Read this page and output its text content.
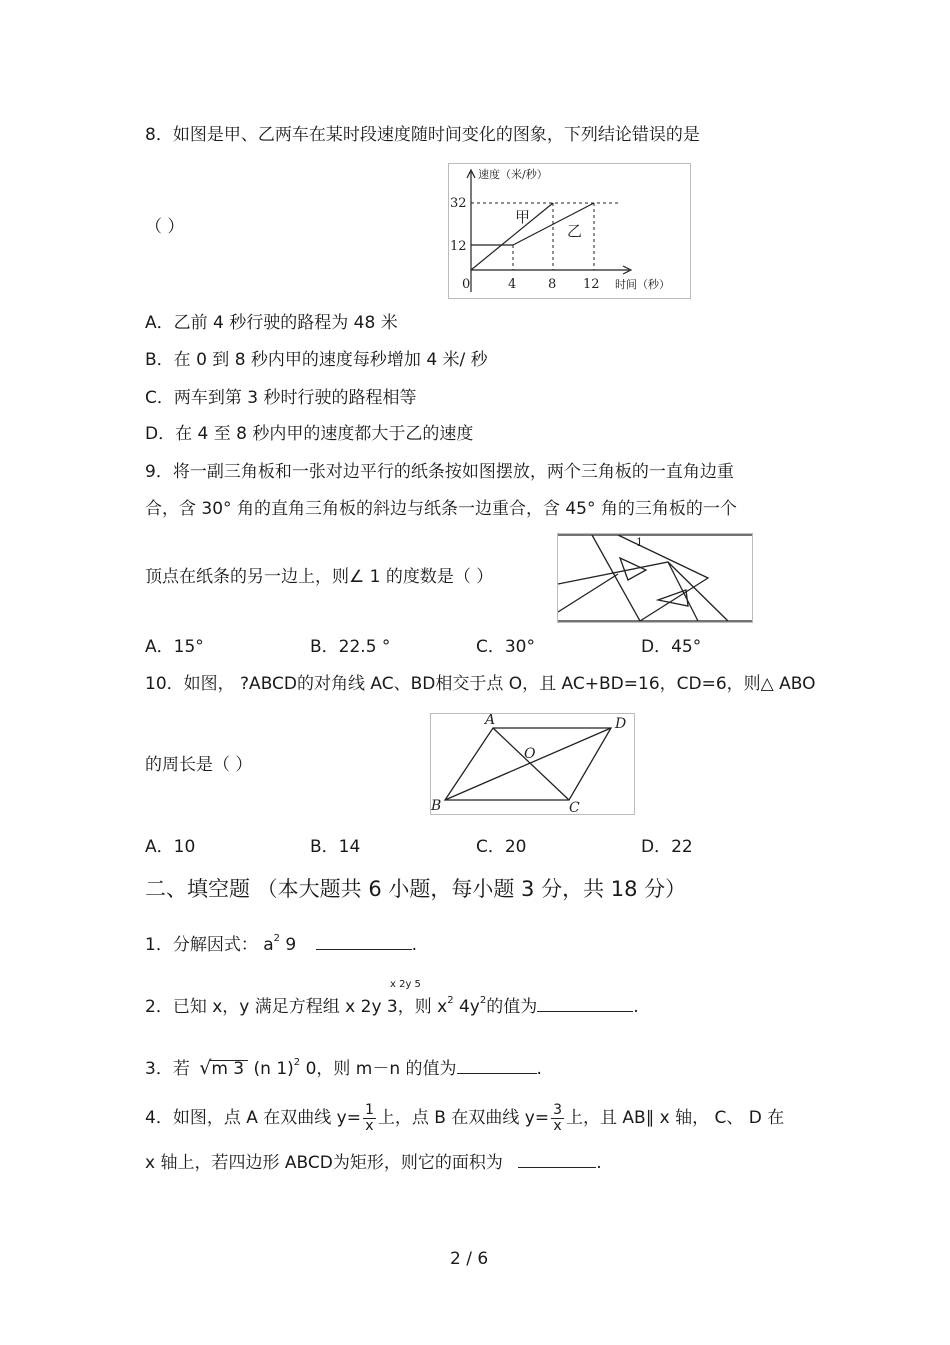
8．如图是甲、乙两车在某时段速度随时间变化的图象，下列结论错误的是
（ ）
速度（米/秒）
时间（秒）
0
32
12
4 8 12
甲
乙
A．乙前 4 秒行驶的路程为 48 米
B．在 0 到 8 秒内甲的速度每秒增加 4 米/ 秒
C．两车到第 3 秒时行驶的路程相等
D．在 4 至 8 秒内甲的速度都大于乙的速度
9．将一副三角板和一张对边平行的纸条按如图摆放，两个三角板的一直角边重
合，含 30° 角的直角三角板的斜边与纸条一边重合，含 45° 角的三角板的一个
顶点在纸条的另一边上，则∠ 1 的度数是（ ）
1
A．15°	B．22.5 °	C．30°	D．45°
10．如图， ?ABCD的对角线 AC、BD相交于点 O，且 AC+BD=16，CD=6，则△ ABO
的周长是（ ）
A	D
B	C
O
A．10	B．14	C．20	D．22
二、填空题 （本大题共 6 小题，每小题 3 分，共 18 分）
1．分解因式： $a^2$ 9	.
x 2y 5
2．已知 x，y 满足方程组 x 2y 3，则 $x^2$ $4y^2$的值为	.
3．若 √m 3 (n 1)$^2$ 0，则 m－n 的值为	.
4．如图，点 A 在双曲线 $y= \frac{1}{x}$ 上，点 B 在双曲线 $y= \frac{3}{x}$ 上，且 AB∥ x 轴， C、 D 在
x 轴上，若四边形 ABCD为矩形，则它的面积为	.
2 / 6
